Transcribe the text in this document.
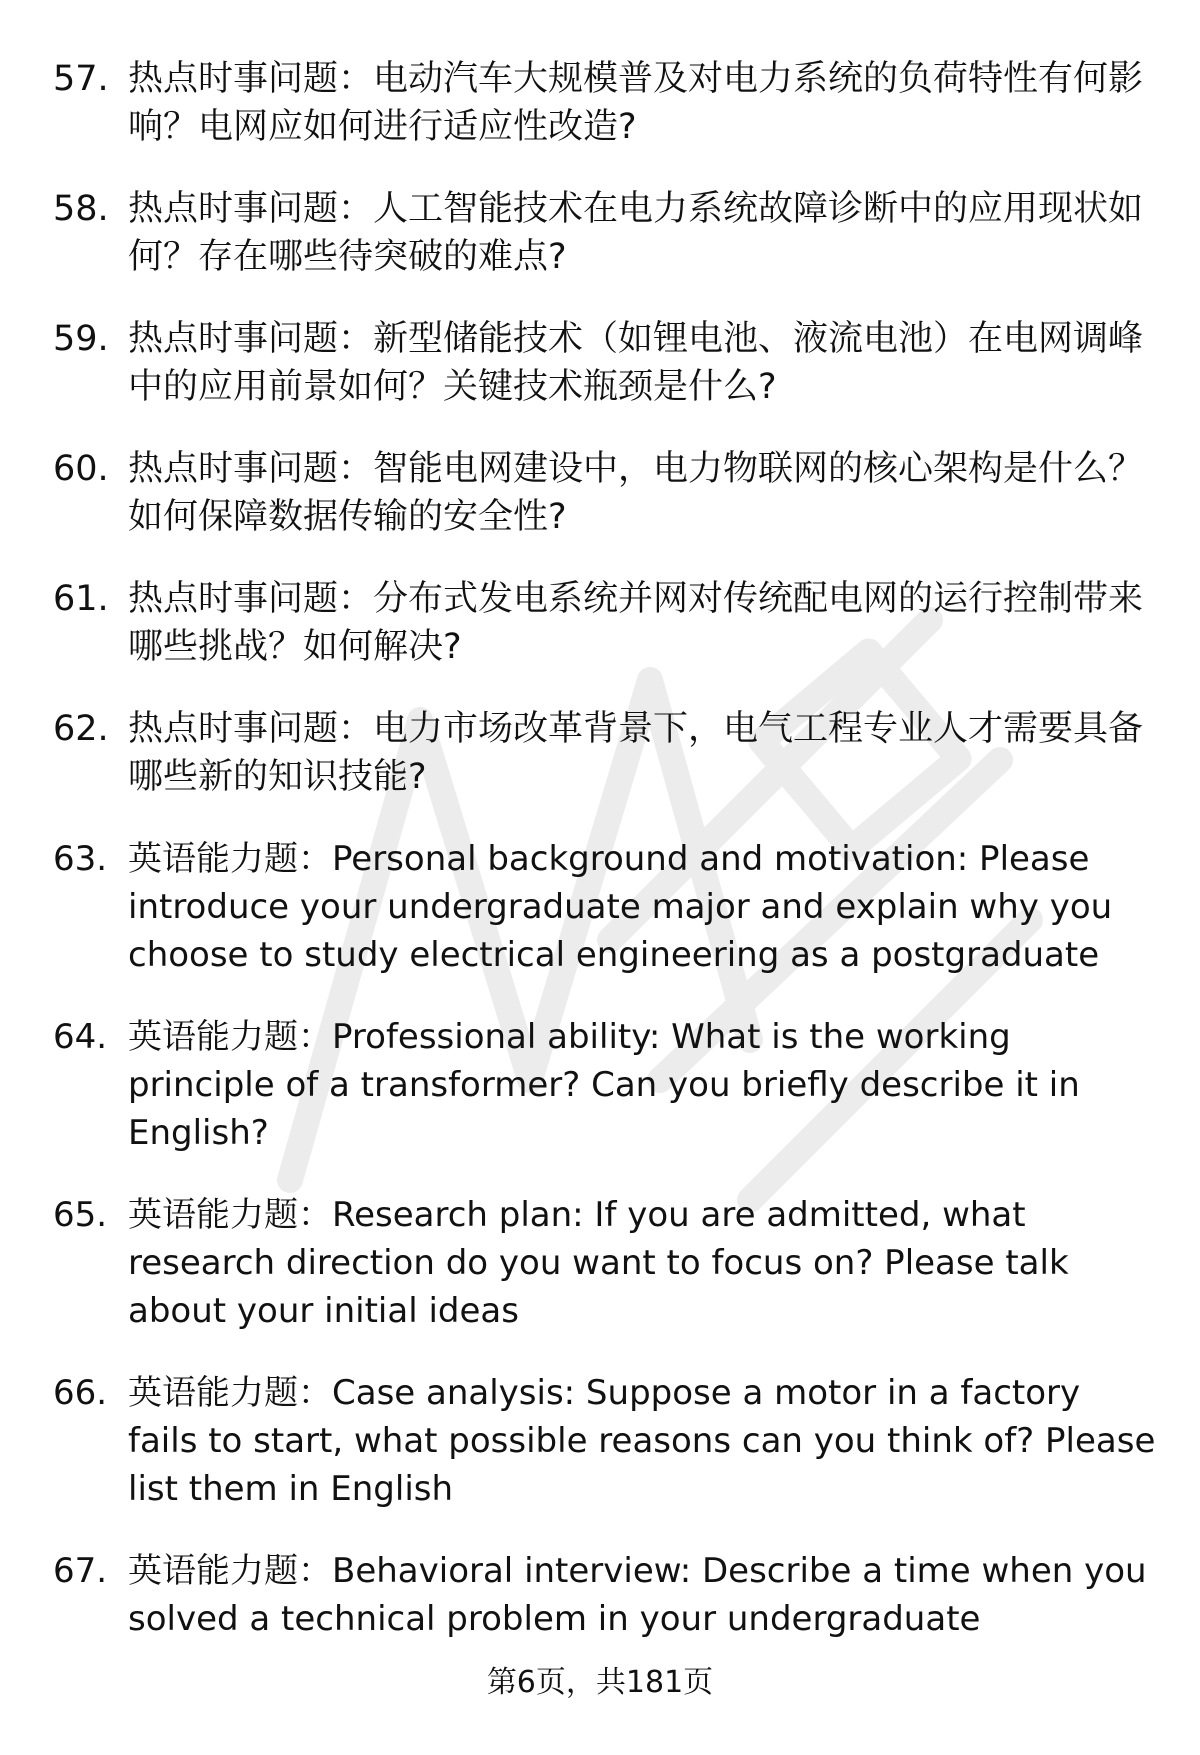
57. 热点时事问题：电动汽车大规模普及对电力系统的负荷特性有何影响？电网应如何进行适应性改造?
58. 热点时事问题：人工智能技术在电力系统故障诊断中的应用现状如何？存在哪些待突破的难点?
59. 热点时事问题：新型储能技术（如锂电池、液流电池）在电网调峰中的应用前景如何？关键技术瓶颈是什么?
60. 热点时事问题：智能电网建设中，电力物联网的核心架构是什么？如何保障数据传输的安全性?
61. 热点时事问题：分布式发电系统并网对传统配电网的运行控制带来哪些挑战？如何解决?
62. 热点时事问题：电力市场改革背景下，电气工程专业人才需要具备哪些新的知识技能?
63. 英语能力题：Personal background and motivation: Please introduce your undergraduate major and explain why you choose to study electrical engineering as a postgraduate
64. 英语能力题：Professional ability: What is the working principle of a transformer? Can you briefly describe it in English?
65. 英语能力题：Research plan: If you are admitted, what research direction do you want to focus on? Please talk about your initial ideas
66. 英语能力题：Case analysis: Suppose a motor in a factory fails to start, what possible reasons can you think of? Please list them in English
67. 英语能力题：Behavioral interview: Describe a time when you solved a technical problem in your undergraduate
第6页，共181页
